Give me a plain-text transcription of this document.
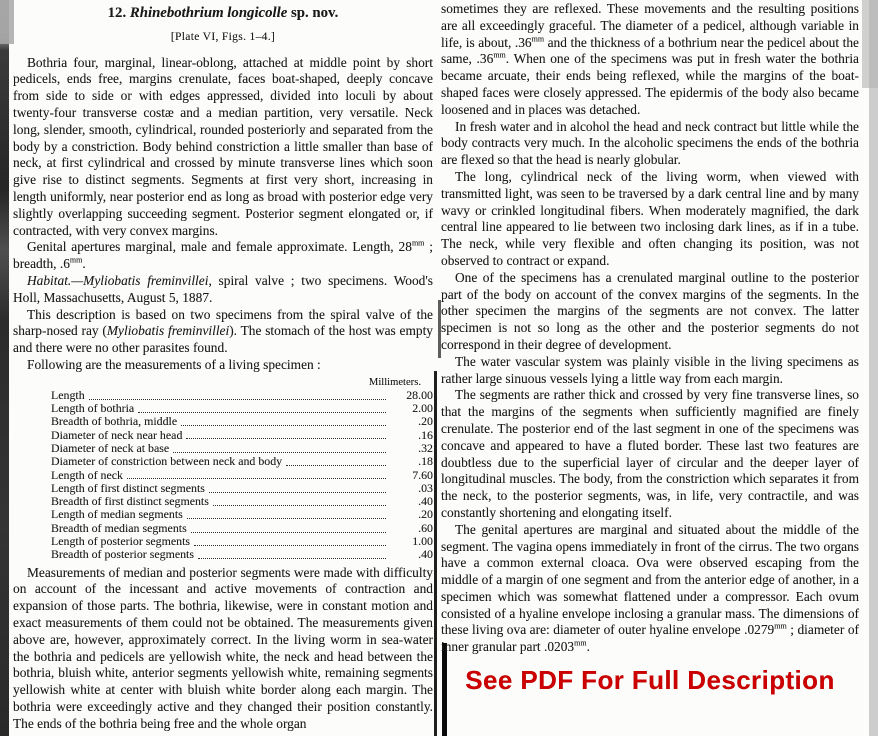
12. Rhinebothrium longicolle sp. nov.

[Plate VI, Figs. 1–4.]

Bothria four, marginal, linear-oblong, attached at middle point by short pedicels, ends free, margins crenulate, faces boat-shaped, deeply concave from side to side or with edges appressed, divided into loculi by about twenty-four transverse costæ and a median partition, very versatile. Neck long, slender, smooth, cylindrical, rounded posteriorly and separated from the body by a constriction. Body behind constriction a little smaller than base of neck, at first cylindrical and crossed by minute transverse lines which soon give rise to distinct segments. Segments at first very short, increasing in length uniformly, near posterior end as long as broad with posterior edge very slightly overlapping succeeding segment. Posterior segment elongated or, if contracted, with very convex margins.

Genital apertures marginal, male and female approximate. Length, $28^{mm}$ ; breadth, $.6^{mm}$.

Habitat.—Myliobatis freminvillei, spiral valve ; two specimens. Wood's Holl, Massachusetts, August 5, 1887.

This description is based on two specimens from the spiral valve of the sharp-nosed ray (Myliobatis freminvillei). The stomach of the host was empty and there were no other parasites found.

Following are the measurements of a living specimen :

Millimeters.
Length	28.00
Length of bothria	2.00
Breadth of bothria, middle	.20
Diameter of neck near head	.16
Diameter of neck at base	.32
Diameter of constriction between neck and body	.18
Length of neck	7.60
Length of first distinct segments	.03
Breadth of first distinct segments	.40
Length of median segments	.20
Breadth of median segments	.60
Length of posterior segments	1.00
Breadth of posterior segments	.40

Measurements of median and posterior segments were made with difficulty on account of the incessant and active movements of contraction and expansion of those parts. The bothria, likewise, were in constant motion and exact measurements of them could not be obtained. The measurements given above are, however, approximately correct. In the living worm in sea-water the bothria and pedicels are yellowish white, the neck and head between the bothria, bluish white, anterior segments yellowish white, remaining segments yellowish white at center with bluish white border along each margin. The bothria were exceedingly active and they changed their position constantly. The ends of the bothria being free and the whole organ

sometimes they are reflexed. These movements and the resulting positions are all exceedingly graceful. The diameter of a pedicel, although variable in life, is about, $.36^{mm}$ and the thickness of a bothrium near the pedicel about the same, $.36^{mm}$. When one of the specimens was put in fresh water the bothria became arcuate, their ends being reflexed, while the margins of the boat-shaped faces were closely appressed. The epidermis of the body also became loosened and in places was detached.

In fresh water and in alcohol the head and neck contract but little while the body contracts very much. In the alcoholic specimens the ends of the bothria are flexed so that the head is nearly globular.

The long, cylindrical neck of the living worm, when viewed with transmitted light, was seen to be traversed by a dark central line and by many wavy or crinkled longitudinal fibers. When moderately magnified, the dark central line appeared to lie between two inclosing dark lines, as if in a tube. The neck, while very flexible and often changing its position, was not observed to contract or expand.

One of the specimens has a crenulated marginal outline to the posterior part of the body on account of the convex margins of the segments. In the other specimen the margins of the segments are not convex. The latter specimen is not so long as the other and the posterior segments do not correspond in their degree of development.

The water vascular system was plainly visible in the living specimens as rather large sinuous vessels lying a little way from each margin.

The segments are rather thick and crossed by very fine transverse lines, so that the margins of the segments when sufficiently magnified are finely crenulate. The posterior end of the last segment in one of the specimens was concave and appeared to have a fluted border. These last two features are doubtless due to the superficial layer of circular and the deeper layer of longitudinal muscles. The body, from the constriction which separates it from the neck, to the posterior segments, was, in life, very contractile, and was constantly shortening and elongating itself.

The genital apertures are marginal and situated about the middle of the segment. The vagina opens immediately in front of the cirrus. The two organs have a common external cloaca. Ova were observed escaping from the middle of a margin of one segment and from the anterior edge of another, in a specimen which was somewhat flattened under a compressor. Each ovum consisted of a hyaline envelope inclosing a granular mass. The dimensions of these living ova are: diameter of outer hyaline envelope $.0279^{mm}$ ; diameter of inner granular part $.0203^{mm}$.

See PDF For Full Description
